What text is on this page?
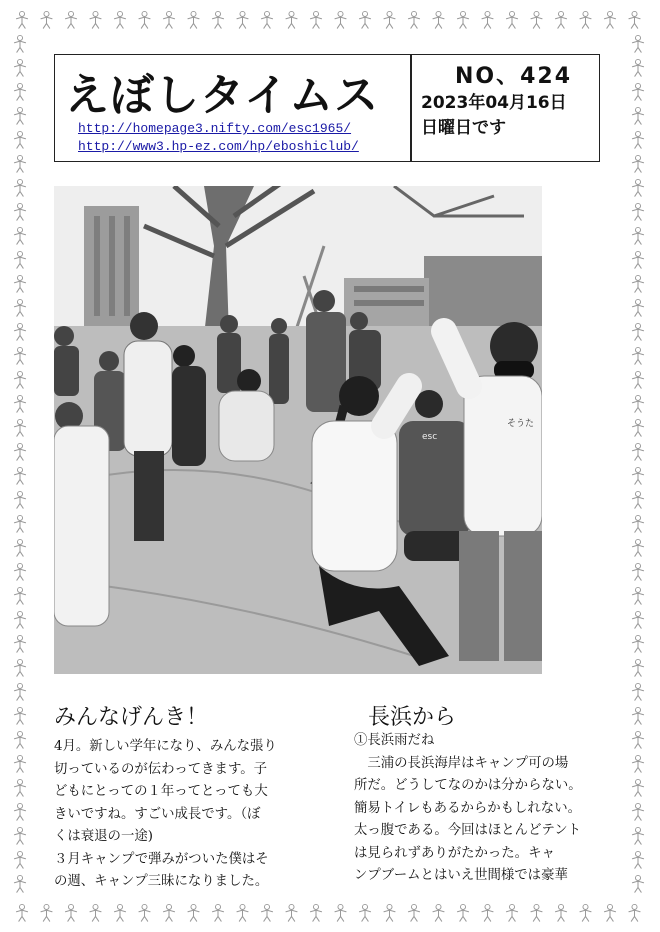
えぼしタイムス
http://homepage3.nifty.com/esc1965/
http://www3.hp-ez.com/hp/eboshiclub/
NO、424
2023年04月16日
日曜日です
esc
そうた
みんなげんき！
4月。新しい学年になり、みんな張り
切っているのが伝わってきます。子
どもにとっての１年ってとっても大
きいですね。すごい成長です。（ぼ
くは衰退の一途)
３月キャンプで弾みがついた僕はそ
の週、キャンプ三昧になりました。
長浜から
①長浜雨だね
　三浦の長浜海岸はキャンプ可の場
所だ。どうしてなのかは分からない。
簡易トイレもあるからかもしれない。
太っ腹である。今回はほとんどテント
は見られずありがたかった。キャ
ンプブームとはいえ世間様では豪華
